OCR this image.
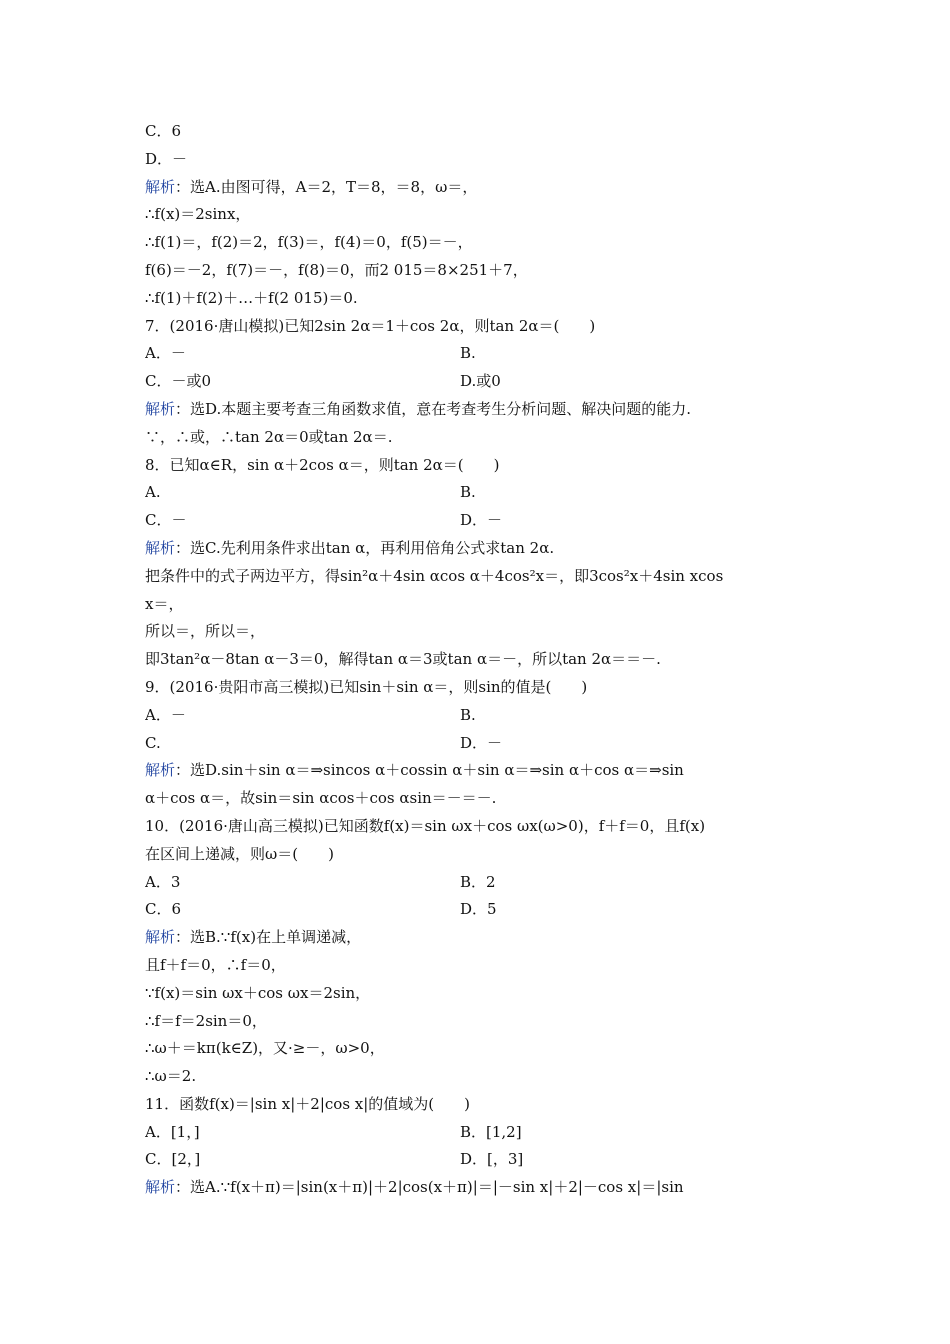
C．6
D．－
解析：选A.由图可得，A＝2，T＝8，＝8，ω＝，
∴f(x)＝2sinx，
∴f(1)＝，f(2)＝2，f(3)＝，f(4)＝0，f(5)＝－，
f(6)＝－2，f(7)＝－，f(8)＝0，而2 015＝8×251＋7，
∴f(1)＋f(2)＋…＋f(2 015)＝0.
7．(2016·唐山模拟)已知2sin 2α＝1＋cos 2α，则tan 2α＝(　　)
A．－	B.
C．－或0	D.或0
解析：选D.本题主要考查三角函数求值，意在考查考生分析问题、解决问题的能力.
∵，∴或，∴tan 2α＝0或tan 2α＝.
8．已知α∈R，sin α＋2cos α＝，则tan 2α＝(　　)
A.	B.
C．－	D．－
解析：选C.先利用条件求出tan α，再利用倍角公式求tan 2α.
把条件中的式子两边平方，得sin²α＋4sin αcos α＋4cos²x＝，即3cos²x＋4sin xcos
x＝，
所以＝，所以＝，
即3tan²α－8tan α－3＝0，解得tan α＝3或tan α＝－，所以tan 2α＝＝－.
9．(2016·贵阳市高三模拟)已知sin＋sin α＝，则sin的值是(　　)
A．－	B.
C.	D．－
解析：选D.sin＋sin α＝⇒sincos α＋cossin α＋sin α＝⇒sin α＋cos α＝⇒sin
α＋cos α＝，故sin＝sin αcos＋cos αsin＝－＝－.
10．(2016·唐山高三模拟)已知函数f(x)＝sin ωx＋cos ωx(ω>0)，f＋f＝0，且f(x)
在区间上递减，则ω＝(　　)
A．3	B．2
C．6	D．5
解析：选B.∵f(x)在上单调递减，
且f＋f＝0，∴f＝0，
∵f(x)＝sin ωx＋cos ωx＝2sin，
∴f＝f＝2sin＝0，
∴ω＋＝kπ(k∈Z)，又·≥－，ω>0，
∴ω＝2.
11．函数f(x)＝|sin x|＋2|cos x|的值域为(　　)
A．[1，]	B．[1,2]
C．[2，]	D．[，3]
解析：选A.∵f(x＋π)＝|sin(x＋π)|＋2|cos(x＋π)|＝|－sin x|＋2|－cos x|＝|sin
